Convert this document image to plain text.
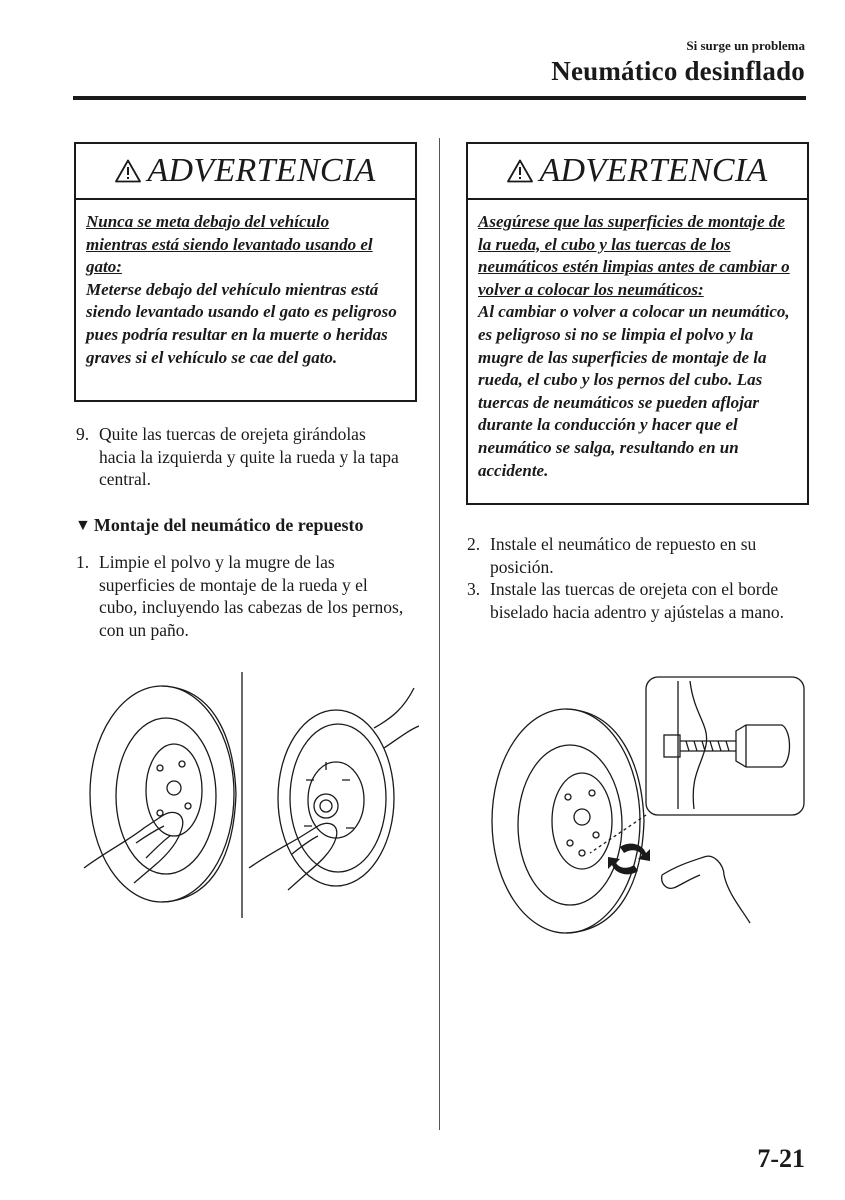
Si surge un problema
Neumático desinflado
ADVERTENCIA
Nunca se meta debajo del vehículo mientras está siendo levantado usando el gato:
Meterse debajo del vehículo mientras está siendo levantado usando el gato es peligroso pues podría resultar en la muerte o heridas graves si el vehículo se cae del gato.
9. Quite las tuercas de orejeta girándolas hacia la izquierda y quite la rueda y la tapa central.
▼ Montaje del neumático de repuesto
1. Limpie el polvo y la mugre de las superficies de montaje de la rueda y el cubo, incluyendo las cabezas de los pernos, con un paño.
ADVERTENCIA
Asegúrese que las superficies de montaje de la rueda, el cubo y las tuercas de los neumáticos estén limpias antes de cambiar o volver a colocar los neumáticos:
Al cambiar o volver a colocar un neumático, es peligroso si no se limpia el polvo y la mugre de las superficies de montaje de la rueda, el cubo y los pernos del cubo. Las tuercas de neumáticos se pueden aflojar durante la conducción y hacer que el neumático se salga, resultando en un accidente.
2. Instale el neumático de repuesto en su posición.
3. Instale las tuercas de orejeta con el borde biselado hacia adentro y ajústelas a mano.
7-21
